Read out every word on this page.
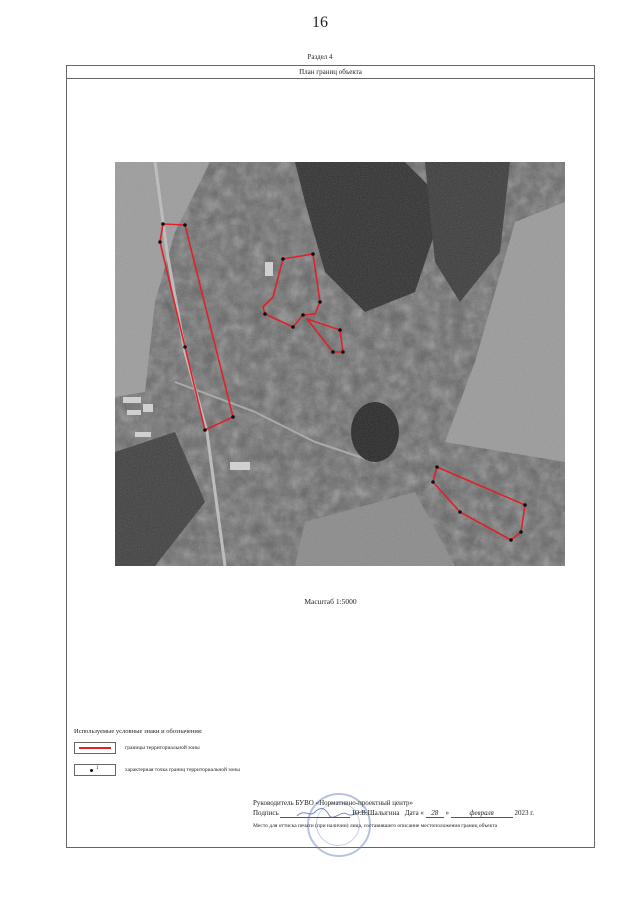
16
Раздел 4
План границ объекта
Масштаб 1:5000
Используемые условные знаки и обозначения:
границы территориальной зоны
1	характерная точка границ территориальной зоны
Руководитель БУВО «Нормативно-проектный центр»
Подпись	Ю.В.Шалыгина Дата « 28 »	февраля	2023 г.
Место для оттиска печати (при наличии) лица, составившего описание местоположения границ объекта
